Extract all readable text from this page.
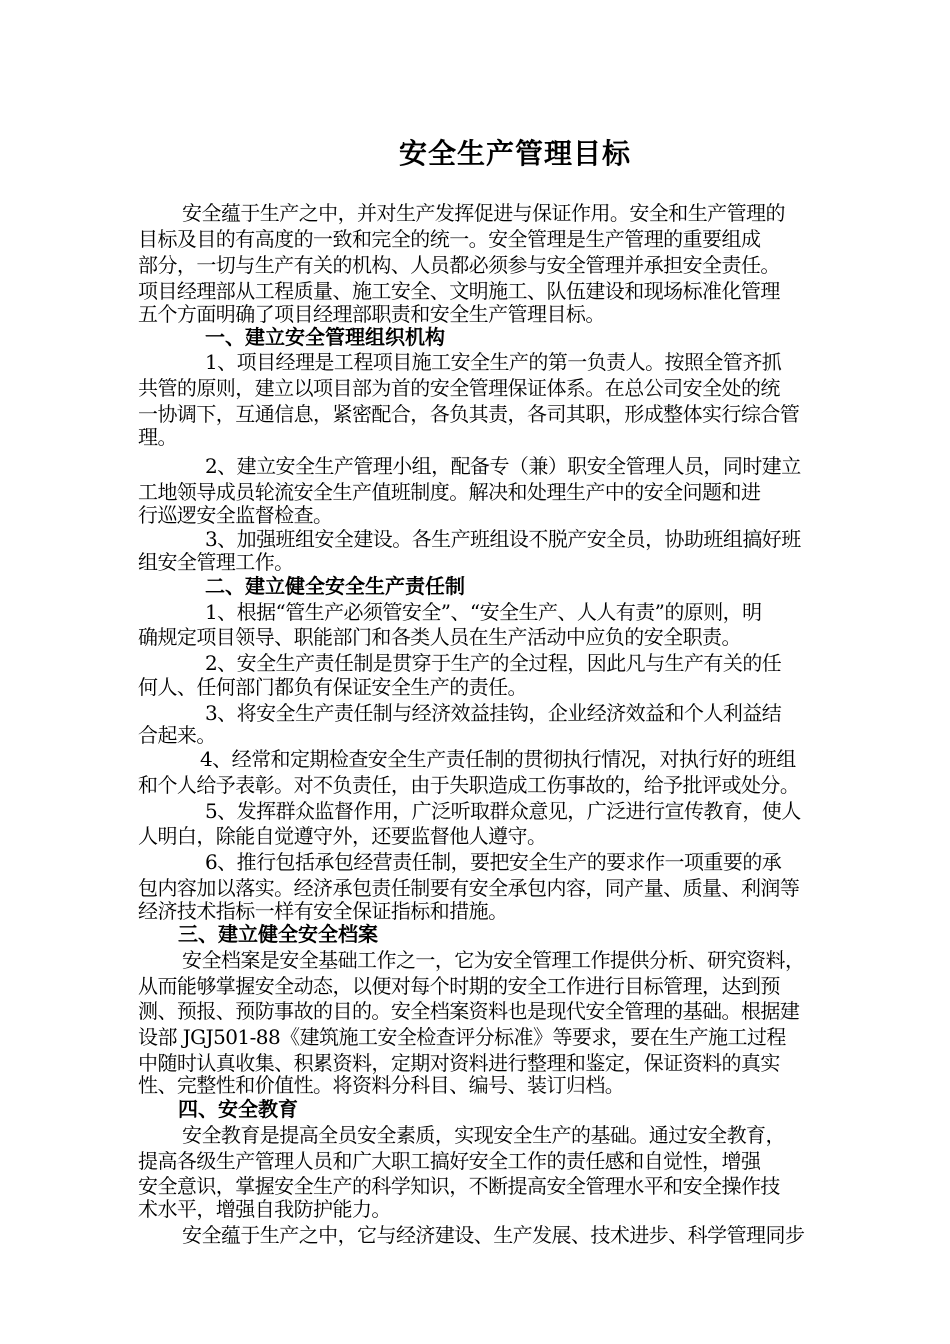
安全生产管理目标
安全蕴于生产之中，并对生产发挥促进与保证作用。安全和生产管理的
目标及目的有高度的一致和完全的统一。安全管理是生产管理的重要组成
部分，一切与生产有关的机构、人员都必须参与安全管理并承担安全责任。
项目经理部从工程质量、施工安全、文明施工、队伍建设和现场标准化管理
五个方面明确了项目经理部职责和安全生产管理目标。
一、建立安全管理组织机构
1、项目经理是工程项目施工安全生产的第一负责人。按照全管齐抓
共管的原则，建立以项目部为首的安全管理保证体系。在总公司安全处的统
一协调下，互通信息，紧密配合，各负其责，各司其职，形成整体实行综合管
理。
2、建立安全生产管理小组，配备专（兼）职安全管理人员，同时建立
工地领导成员轮流安全生产值班制度。解决和处理生产中的安全问题和进
行巡逻安全监督检查。
3、加强班组安全建设。各生产班组设不脱产安全员，协助班组搞好班
组安全管理工作。
二、建立健全安全生产责任制
1、根据“管生产必须管安全”、“安全生产、人人有责”的原则，明
确规定项目领导、职能部门和各类人员在生产活动中应负的安全职责。
2、安全生产责任制是贯穿于生产的全过程，因此凡与生产有关的任
何人、任何部门都负有保证安全生产的责任。
3、将安全生产责任制与经济效益挂钩，企业经济效益和个人利益结
合起来。
4、经常和定期检查安全生产责任制的贯彻执行情况，对执行好的班组
和个人给予表彰。对不负责任，由于失职造成工伤事故的，给予批评或处分。
5、发挥群众监督作用，广泛听取群众意见，广泛进行宣传教育，使人
人明白，除能自觉遵守外，还要监督他人遵守。
6、推行包括承包经营责任制，要把安全生产的要求作一项重要的承
包内容加以落实。经济承包责任制要有安全承包内容，同产量、质量、利润等
经济技术指标一样有安全保证指标和措施。
三、建立健全安全档案
安全档案是安全基础工作之一，它为安全管理工作提供分析、研究资料，
从而能够掌握安全动态，以便对每个时期的安全工作进行目标管理，达到预
测、预报、预防事故的目的。安全档案资料也是现代安全管理的基础。根据建
设部 JGJ501-88《建筑施工安全检查评分标准》等要求，要在生产施工过程
中随时认真收集、积累资料，定期对资料进行整理和鉴定，保证资料的真实
性、完整性和价值性。将资料分科目、编号、装订归档。
四、安全教育
安全教育是提高全员安全素质，实现安全生产的基础。通过安全教育，
提高各级生产管理人员和广大职工搞好安全工作的责任感和自觉性，增强
安全意识，掌握安全生产的科学知识，不断提高安全管理水平和安全操作技
术水平，增强自我防护能力。
安全蕴于生产之中，它与经济建设、生产发展、技术进步、科学管理同步
